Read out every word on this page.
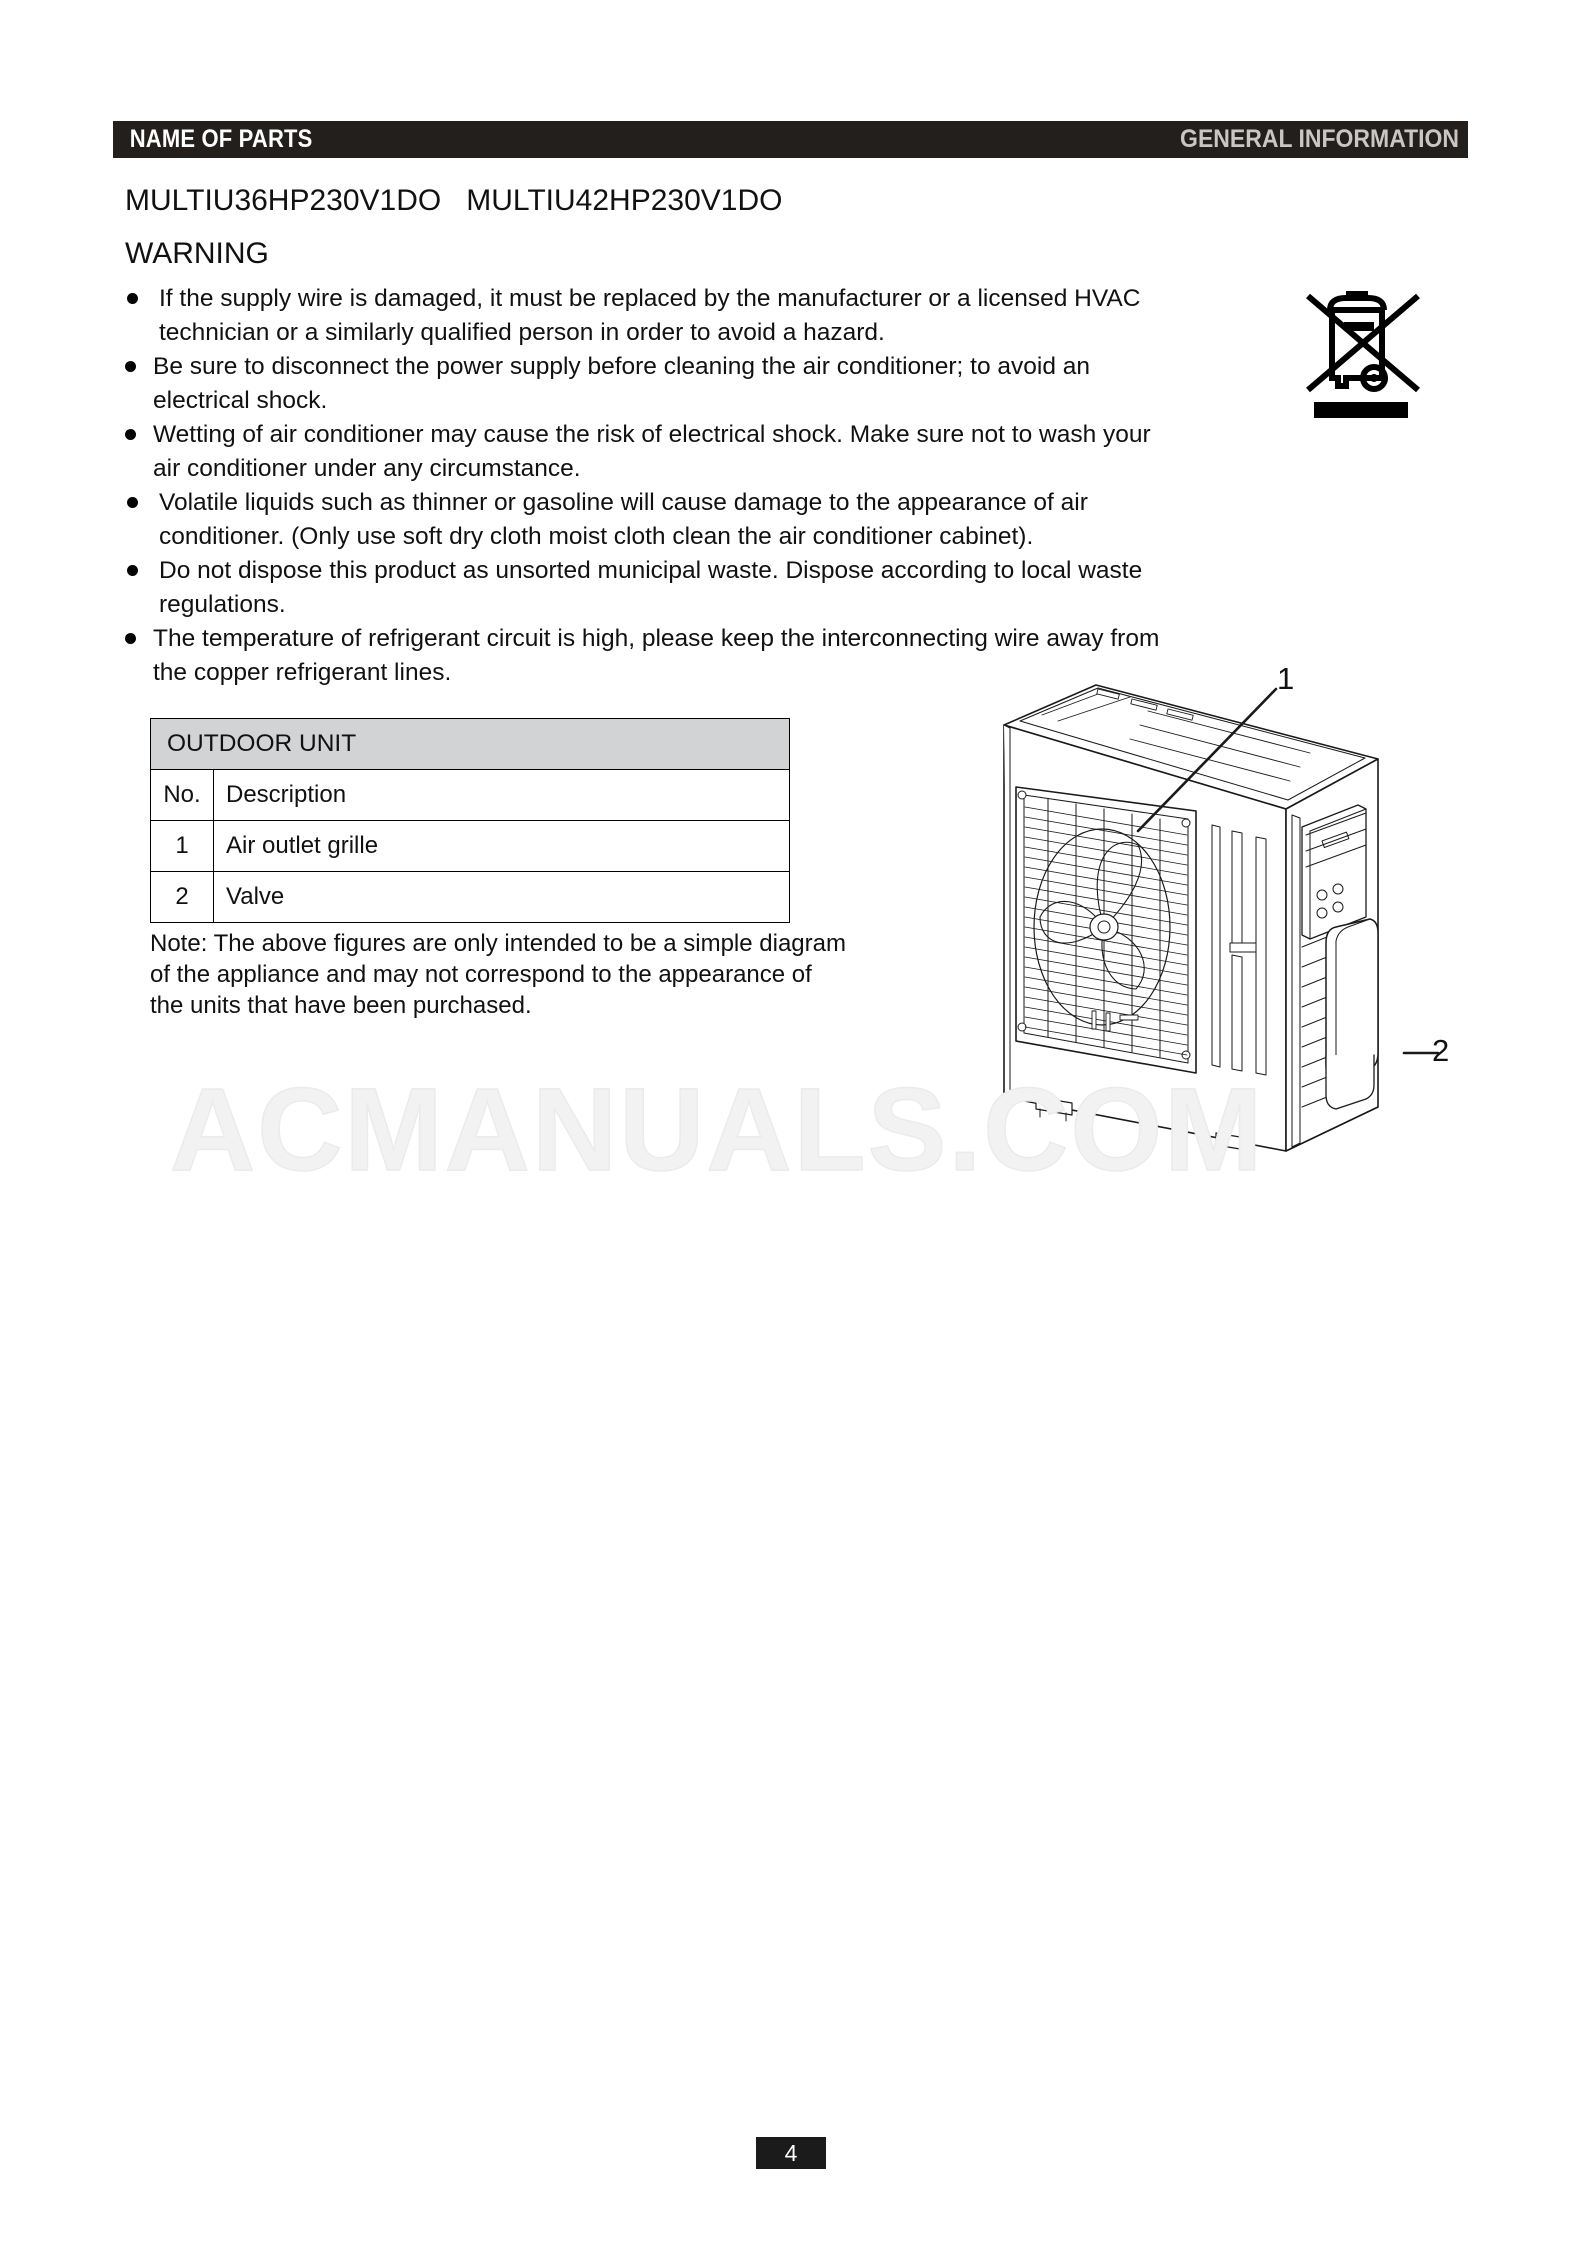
NAME OF PARTS	GENERAL INFORMATION
MULTIU36HP230V1DO   MULTIU42HP230V1DO
WARNING
If the supply wire is damaged, it must be replaced by the manufacturer or a licensed HVAC technician or a similarly qualified person in order to avoid a hazard.
Be sure to disconnect the power supply before cleaning the air conditioner; to avoid an electrical shock.
Wetting of air conditioner may cause the risk of electrical shock. Make sure not to wash your air conditioner under any circumstance.
Volatile liquids such as thinner or gasoline will cause damage to the appearance of air conditioner. (Only use soft dry cloth moist cloth clean the air conditioner cabinet).
Do not dispose this product as unsorted municipal waste. Dispose according to local waste regulations.
The temperature of refrigerant circuit is high, please keep the interconnecting wire away from the copper refrigerant lines.
OUTDOOR UNIT	
No.	Description
1	Air outlet grille
2	Valve
Note: The above figures are only intended to be a simple diagram of the appliance and may not correspond to the appearance of the units that have been purchased.
1
2
ACMANUALS.COM
4
